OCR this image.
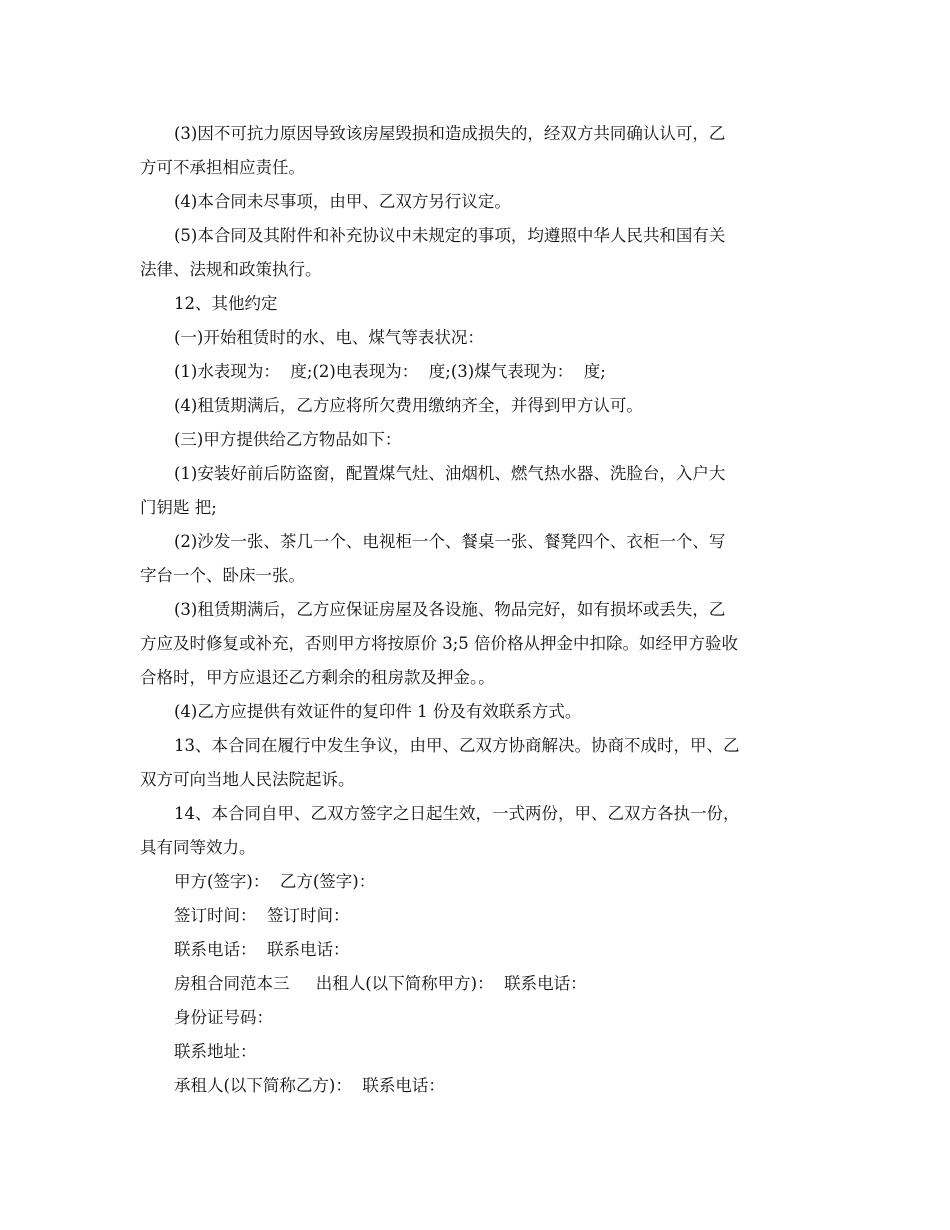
(3)因不可抗力原因导致该房屋毁损和造成损失的，经双方共同确认认可，乙
方可不承担相应责任。
(4)本合同未尽事项，由甲、乙双方另行议定。
(5)本合同及其附件和补充协议中未规定的事项，均遵照中华人民共和国有关
法律、法规和政策执行。
12、其他约定
(一)开始租赁时的水、电、煤气等表状况：
(1)水表现为：  度;(2)电表现为：  度;(3)煤气表现为：  度;
(4)租赁期满后，乙方应将所欠费用缴纳齐全，并得到甲方认可。
(三)甲方提供给乙方物品如下：
(1)安装好前后防盗窗，配置煤气灶、油烟机、燃气热水器、洗脸台，入户大
门钥匙 把;
(2)沙发一张、茶几一个、电视柜一个、餐桌一张、餐凳四个、衣柜一个、写
字台一个、卧床一张。
(3)租赁期满后，乙方应保证房屋及各设施、物品完好，如有损坏或丢失，乙
方应及时修复或补充，否则甲方将按原价 3;5 倍价格从押金中扣除。如经甲方验收
合格时，甲方应退还乙方剩余的租房款及押金。。
(4)乙方应提供有效证件的复印件 1 份及有效联系方式。
13、本合同在履行中发生争议，由甲、乙双方协商解决。协商不成时，甲、乙
双方可向当地人民法院起诉。
14、本合同自甲、乙双方签字之日起生效，一式两份，甲、乙双方各执一份，
具有同等效力。
甲方(签字)：  乙方(签字)：
签订时间：  签订时间：
联系电话：  联系电话：
房租合同范本三     出租人(以下简称甲方)：  联系电话：
身份证号码：
联系地址：
承租人(以下简称乙方)：  联系电话：
